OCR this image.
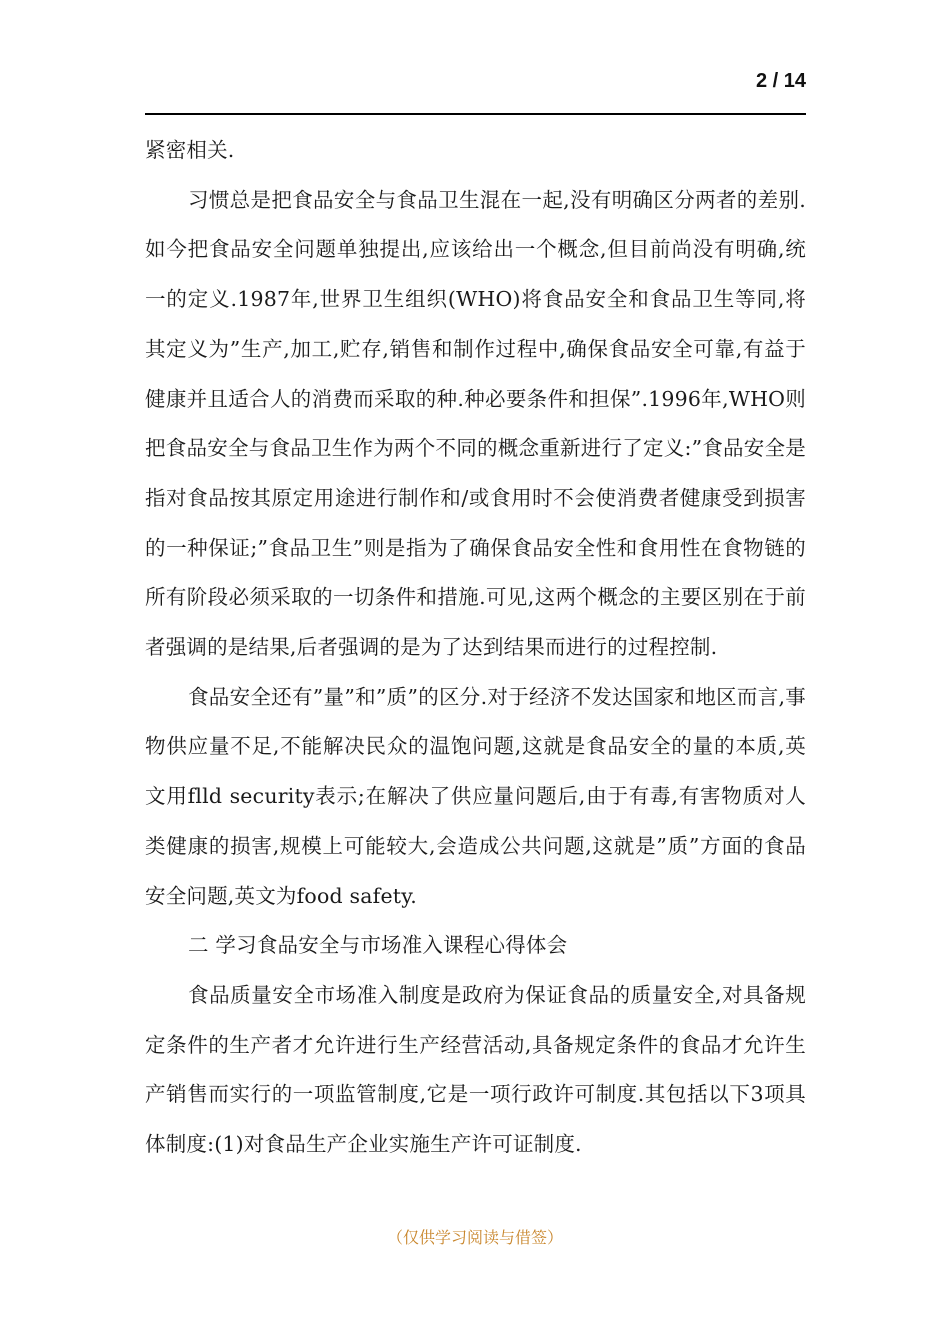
2 / 14

紧密相关.

习惯总是把食品安全与食品卫生混在一起,没有明确区分两者的差别.如今把食品安全问题单独提出,应该给出一个概念,但目前尚没有明确,统一的定义.1987年,世界卫生组织(WHO)将食品安全和食品卫生等同,将其定义为”生产,加工,贮存,销售和制作过程中,确保食品安全可靠,有益于健康并且适合人的消费而采取的种.种必要条件和担保”.1996年,WHO则把食品安全与食品卫生作为两个不同的概念重新进行了定义:”食品安全是指对食品按其原定用途进行制作和/或食用时不会使消费者健康受到损害的一种保证;”食品卫生”则是指为了确保食品安全性和食用性在食物链的所有阶段必须采取的一切条件和措施.可见,这两个概念的主要区别在于前者强调的是结果,后者强调的是为了达到结果而进行的过程控制.

食品安全还有”量”和”质”的区分.对于经济不发达国家和地区而言,事物供应量不足,不能解决民众的温饱问题,这就是食品安全的量的本质,英文用flld security表示;在解决了供应量问题后,由于有毒,有害物质对人类健康的损害,规模上可能较大,会造成公共问题,这就是”质”方面的食品安全问题,英文为food safety.

二 学习食品安全与市场准入课程心得体会

食品质量安全市场准入制度是政府为保证食品的质量安全,对具备规定条件的生产者才允许进行生产经营活动,具备规定条件的食品才允许生产销售而实行的一项监管制度,它是一项行政许可制度.其包括以下3项具体制度:(1)对食品生产企业实施生产许可证制度.

（仅供学习阅读与借签）
